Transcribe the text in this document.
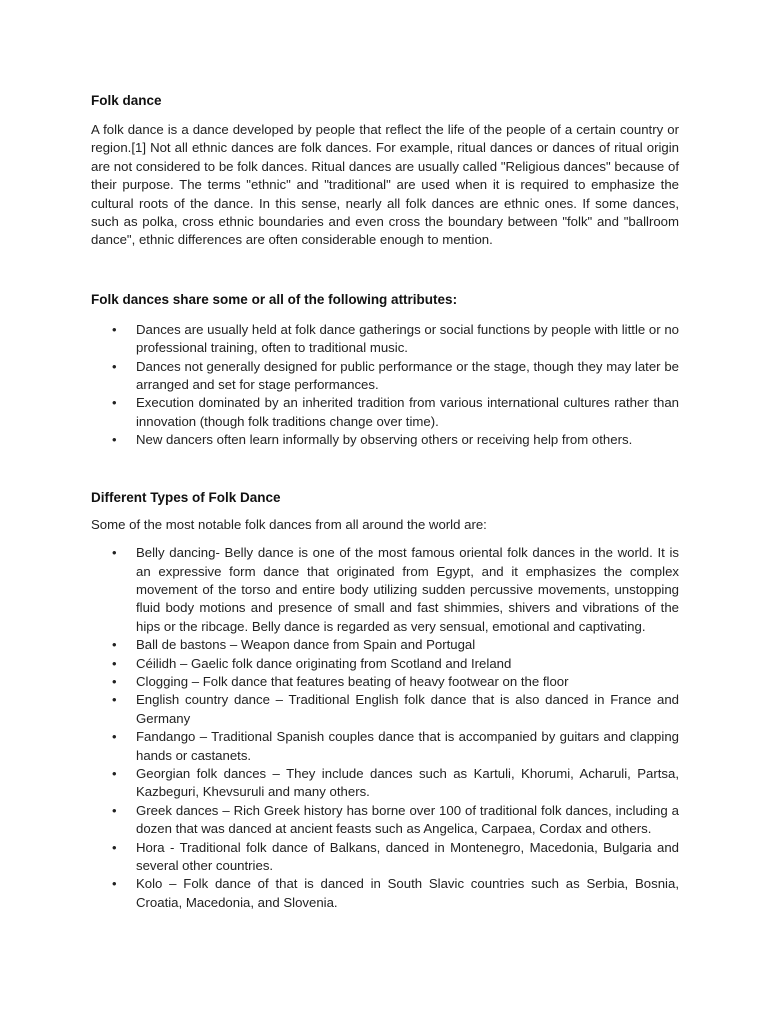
Folk dance

A folk dance is a dance developed by people that reflect the life of the people of a certain country or region.[1] Not all ethnic dances are folk dances. For example, ritual dances or dances of ritual origin are not considered to be folk dances. Ritual dances are usually called "Religious dances" because of their purpose. The terms "ethnic" and "traditional" are used when it is required to emphasize the cultural roots of the dance. In this sense, nearly all folk dances are ethnic ones. If some dances, such as polka, cross ethnic boundaries and even cross the boundary between "folk" and "ballroom dance", ethnic differences are often considerable enough to mention.

Folk dances share some or all of the following attributes:
• Dances are usually held at folk dance gatherings or social functions by people with little or no professional training, often to traditional music.
• Dances not generally designed for public performance or the stage, though they may later be arranged and set for stage performances.
• Execution dominated by an inherited tradition from various international cultures rather than innovation (though folk traditions change over time).
• New dancers often learn informally by observing others or receiving help from others.
Different Types of Folk Dance

Some of the most notable folk dances from all around the world are:

• Belly dancing- Belly dance is one of the most famous oriental folk dances in the world. It is an expressive form dance that originated from Egypt, and it emphasizes the complex movement of the torso and entire body utilizing sudden percussive movements, unstopping fluid body motions and presence of small and fast shimmies, shivers and vibrations of the hips or the ribcage. Belly dance is regarded as very sensual, emotional and captivating.
• Ball de bastons – Weapon dance from Spain and Portugal
• Céilidh – Gaelic folk dance originating from Scotland and Ireland
• Clogging – Folk dance that features beating of heavy footwear on the floor
• English country dance – Traditional English folk dance that is also danced in France and Germany
• Fandango – Traditional Spanish couples dance that is accompanied by guitars and clapping hands or castanets.
• Georgian folk dances – They include dances such as Kartuli, Khorumi, Acharuli, Partsa, Kazbeguri, Khevsuruli and many others.
• Greek dances – Rich Greek history has borne over 100 of traditional folk dances, including a dozen that was danced at ancient feasts such as Angelica, Carpaea, Cordax and others.
• Hora - Traditional folk dance of Balkans, danced in Montenegro, Macedonia, Bulgaria and several other countries.
• Kolo – Folk dance of that is danced in South Slavic countries such as Serbia, Bosnia, Croatia, Macedonia, and Slovenia.
